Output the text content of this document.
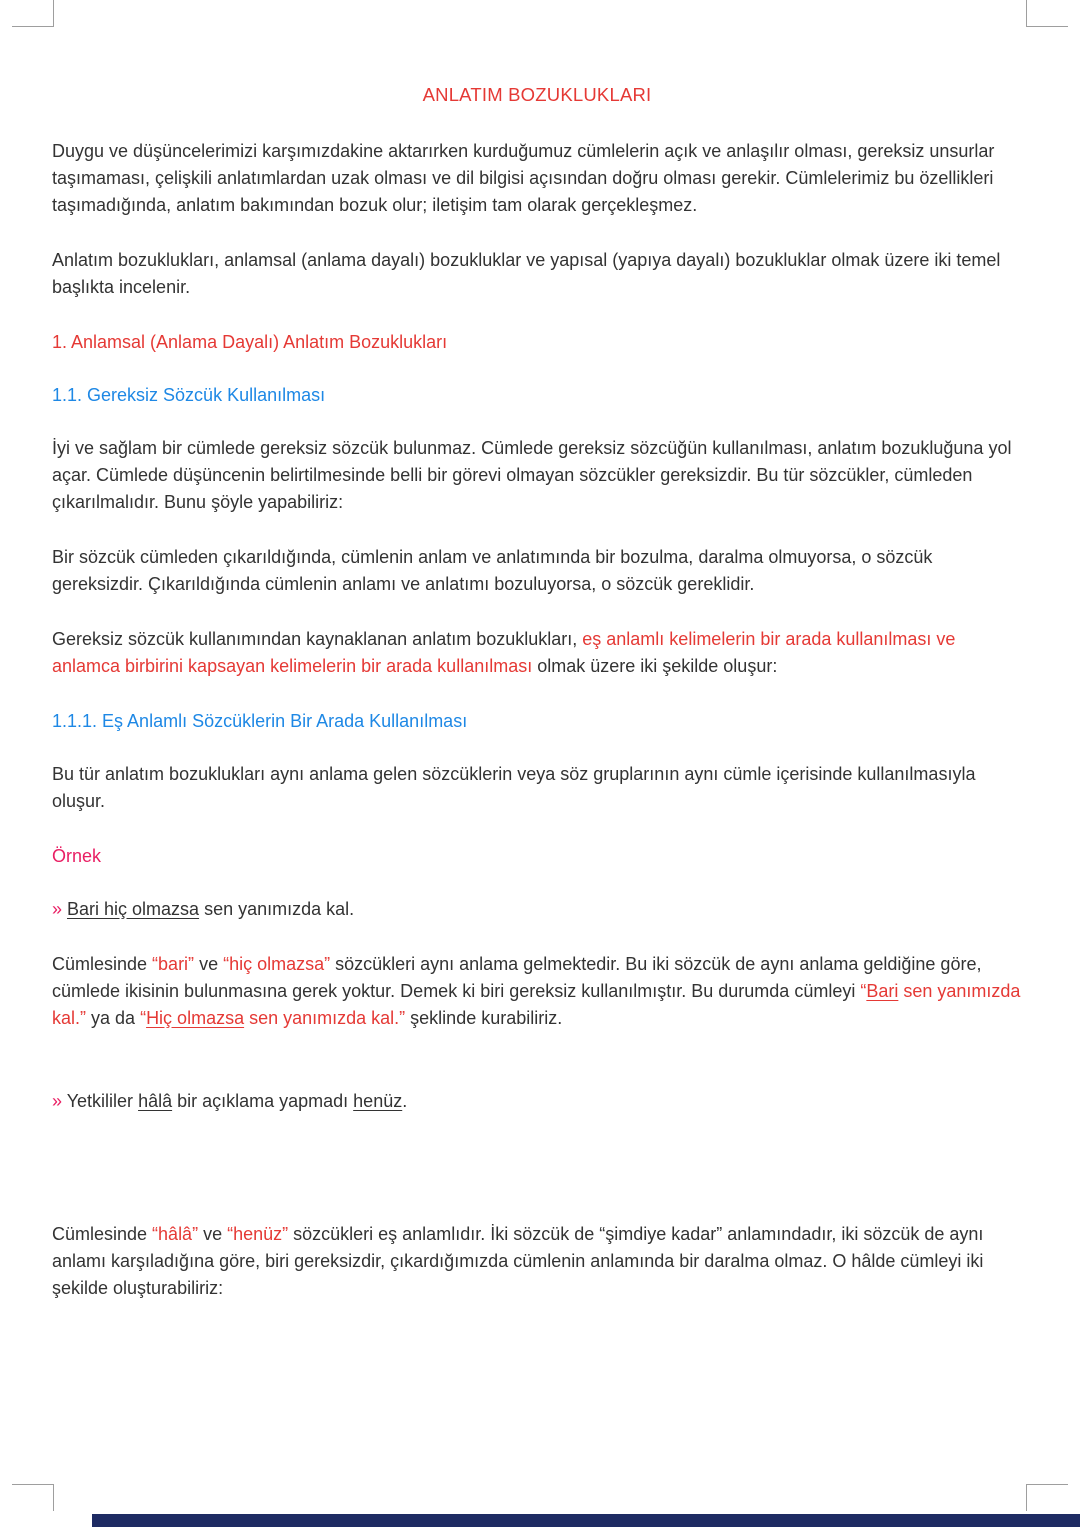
ANLATIM BOZUKLUKLARI

Duygu ve düşüncelerimizi karşımızdakine aktarırken kurduğumuz cümlelerin açık ve anlaşılır olması, gereksiz unsurlar taşımaması, çelişkili anlatımlardan uzak olması ve dil bilgisi açısından doğru olması gerekir. Cümlelerimiz bu özellikleri taşımadığında, anlatım bakımından bozuk olur; iletişim tam olarak gerçekleşmez.

Anlatım bozuklukları, anlamsal (anlama dayalı) bozukluklar ve yapısal (yapıya dayalı) bozukluklar olmak üzere iki temel başlıkta incelenir.

1. Anlamsal (Anlama Dayalı) Anlatım Bozuklukları
1.1. Gereksiz Sözcük Kullanılması

İyi ve sağlam bir cümlede gereksiz sözcük bulunmaz. Cümlede gereksiz sözcüğün kullanılması, anlatım bozukluğuna yol açar. Cümlede düşüncenin belirtilmesinde belli bir görevi olmayan sözcükler gereksizdir. Bu tür sözcükler, cümleden çıkarılmalıdır. Bunu şöyle yapabiliriz:

Bir sözcük cümleden çıkarıldığında, cümlenin anlam ve anlatımında bir bozulma, daralma olmuyorsa, o sözcük gereksizdir. Çıkarıldığında cümlenin anlamı ve anlatımı bozuluyorsa, o sözcük gereklidir.

Gereksiz sözcük kullanımından kaynaklanan anlatım bozuklukları, eş anlamlı kelimelerin bir arada kullanılması ve anlamca birbirini kapsayan kelimelerin bir arada kullanılması olmak üzere iki şekilde oluşur:

1.1.1. Eş Anlamlı Sözcüklerin Bir Arada Kullanılması

Bu tür anlatım bozuklukları aynı anlama gelen sözcüklerin veya söz gruplarının aynı cümle içerisinde kullanılmasıyla oluşur.

Örnek

» Bari hiç olmazsa sen yanımızda kal.

Cümlesinde “bari” ve “hiç olmazsa” sözcükleri aynı anlama gelmektedir. Bu iki sözcük de aynı anlama geldiğine göre, cümlede ikisinin bulunmasına gerek yoktur. Demek ki biri gereksiz kullanılmıştır. Bu durumda cümleyi “Bari sen yanımızda kal.” ya da “Hiç olmazsa sen yanımızda kal.” şeklinde kurabiliriz.

» Yetkililer hâlâ bir açıklama yapmadı henüz.

Cümlesinde “hâlâ” ve “henüz” sözcükleri eş anlamlıdır. İki sözcük de “şimdiye kadar” anlamındadır, iki sözcük de aynı anlamı karşıladığına göre, biri gereksizdir, çıkardığımızda cümlenin anlamında bir daralma olmaz. O hâlde cümleyi iki şekilde oluşturabiliriz:
